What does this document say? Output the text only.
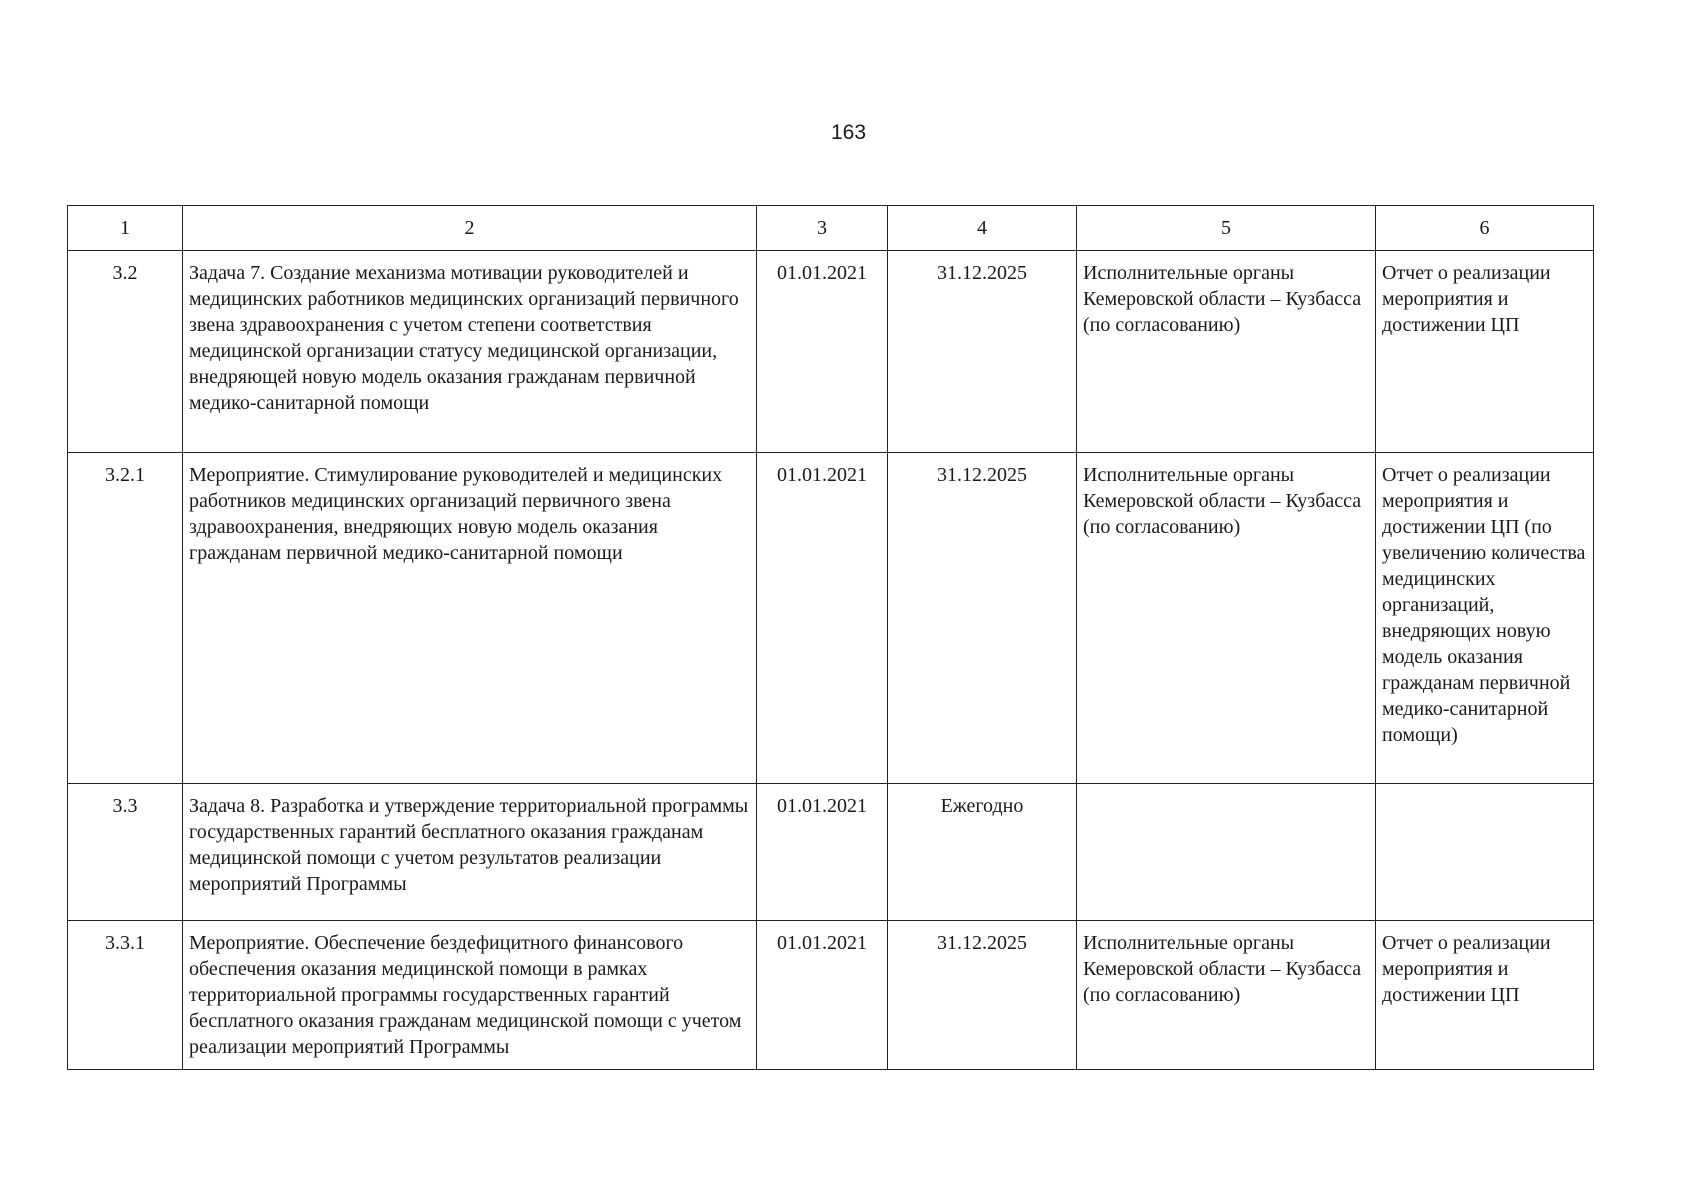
163
1	2	3	4	5	6
3.2	Задача 7. Создание механизма мотивации руководителей и медицинских работников медицинских организаций первичного звена здравоохранения с учетом степени соответствия медицинской организации статусу медицинской организации, внедряющей новую модель оказания гражданам первичной медико-санитарной помощи	01.01.2021	31.12.2025	Исполнительные органы Кемеровской области – Кузбасса (по согласованию)	Отчет о реализации мероприятия и достижении ЦП
3.2.1	Мероприятие. Стимулирование руководителей и медицинских работников медицинских организаций первичного звена здравоохранения, внедряющих новую модель оказания гражданам первичной медико-санитарной помощи	01.01.2021	31.12.2025	Исполнительные органы Кемеровской области – Кузбасса (по согласованию)	Отчет о реализации мероприятия и достижении ЦП (по увеличению количества медицинских организаций, внедряющих новую модель оказания гражданам первичной медико-санитарной помощи)
3.3	Задача 8. Разработка и утверждение территориальной программы государственных гарантий бесплатного оказания гражданам медицинской помощи с учетом результатов реализации мероприятий Программы	01.01.2021	Ежегодно		
3.3.1	Мероприятие. Обеспечение бездефицитного финансового обеспечения оказания медицинской помощи в рамках территориальной программы государственных гарантий бесплатного оказания гражданам медицинской помощи с учетом реализации мероприятий Программы	01.01.2021	31.12.2025	Исполнительные органы Кемеровской области – Кузбасса (по согласованию)	Отчет о реализации мероприятия и достижении ЦП
